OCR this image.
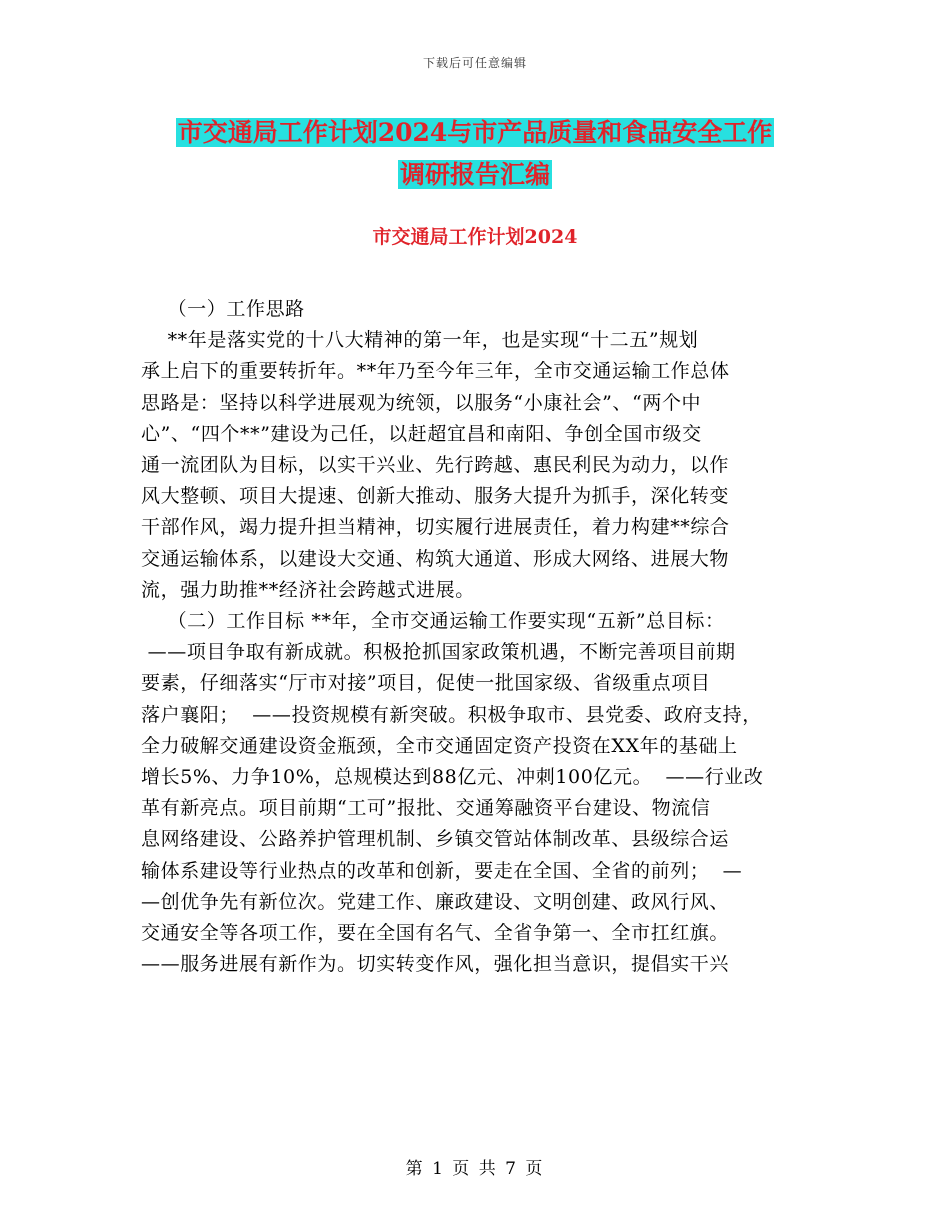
下载后可任意编辑
市交通局工作计划2024与市产品质量和食品安全工作
调研报告汇编
市交通局工作计划2024

（一）工作思路

**年是落实党的十八大精神的第一年，也是实现“十二五”规划

承上启下的重要转折年。**年乃至今年三年，全市交通运输工作总体

思路是：坚持以科学进展观为统领，以服务“小康社会”、“两个中

心”、“四个**”建设为己任，以赶超宜昌和南阳、争创全国市级交

通一流团队为目标，以实干兴业、先行跨越、惠民利民为动力，以作

风大整顿、项目大提速、创新大推动、服务大提升为抓手，深化转变

干部作风，竭力提升担当精神，切实履行进展责任，着力构建**综合

交通运输体系，以建设大交通、构筑大通道、形成大网络、进展大物

流，强力助推**经济社会跨越式进展。

（二）工作目标 **年，全市交通运输工作要实现“五新”总目标：

——项目争取有新成就。积极抢抓国家政策机遇，不断完善项目前期

要素，仔细落实“厅市对接”项目，促使一批国家级、省级重点项目

落户襄阳；  ——投资规模有新突破。积极争取市、县党委、政府支持，

全力破解交通建设资金瓶颈，全市交通固定资产投资在XX年的基础上

增长5%、力争10%，总规模达到88亿元、冲刺100亿元。  ——行业改

革有新亮点。项目前期“工可”报批、交通筹融资平台建设、物流信

息网络建设、公路养护管理机制、乡镇交管站体制改革、县级综合运

输体系建设等行业热点的改革和创新，要走在全国、全省的前列；  —

—创优争先有新位次。党建工作、廉政建设、文明创建、政风行风、

交通安全等各项工作，要在全国有名气、全省争第一、全市扛红旗。

——服务进展有新作为。切实转变作风，强化担当意识，提倡实干兴

第 1 页 共 7 页
